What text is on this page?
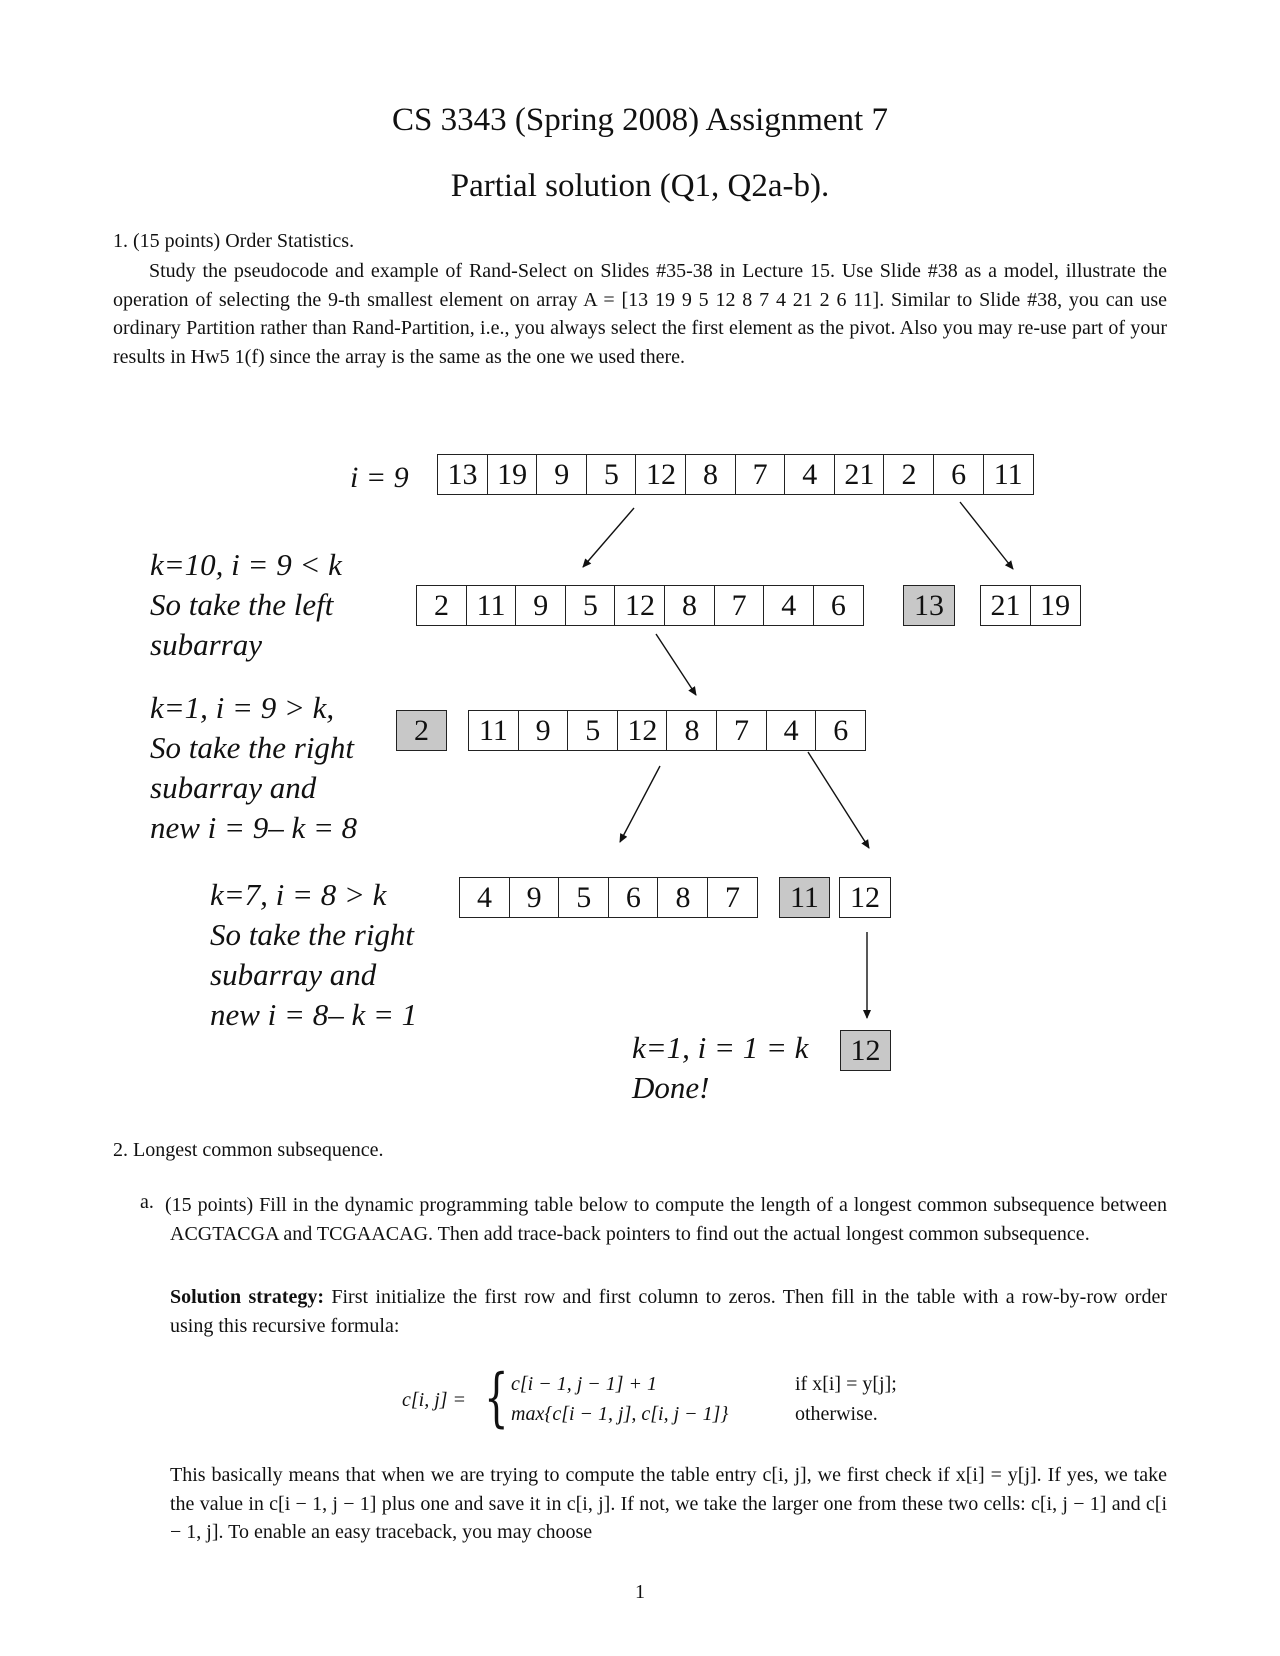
CS 3343 (Spring 2008) Assignment 7
Partial solution (Q1, Q2a-b).
1. (15 points) Order Statistics.
Study the pseudocode and example of Rand-Select on Slides #35-38 in Lecture 15. Use Slide #38 as a model, illustrate the operation of selecting the 9-th smallest element on array A = [13 19 9 5 12 8 7 4 21 2 6 11]. Similar to Slide #38, you can use ordinary Partition rather than Rand-Partition, i.e., you always select the first element as the pivot. Also you may re-use part of your results in Hw5 1(f) since the array is the same as the one we used there.
i = 9	13 19 9	5 12 8	7	4 21 2	6 11
k=10, i = 9 < k
So take the left
subarray
2 11 9	5 12 8	7	4	6	13	21 19
k=1, i = 9 > k,
So take the right
subarray and
new i = 9– k = 8
2	11 9	5 12 8	7	4	6
k=7, i = 8 > k
So take the right
subarray and
new i = 8– k = 1
4	9	5	6	8	7	11	12
k=1, i = 1 = k
Done!
12
2. Longest common subsequence.
a. (15 points) Fill in the dynamic programming table below to compute the length of a longest common subsequence between ACGTACGA and TCGAACAG. Then add trace-back pointers to find out the actual longest common subsequence.
Solution strategy: First initialize the first row and first column to zeros. Then fill in the table with a row-by-row order using this recursive formula:
c[i, j] = { c[i − 1, j − 1] + 1	if x[i] = y[j];
max{c[i − 1, j], c[i, j − 1]}	otherwise.
This basically means that when we are trying to compute the table entry c[i, j], we first check if x[i] = y[j]. If yes, we take the value in c[i − 1, j − 1] plus one and save it in c[i, j]. If not, we take the larger one from these two cells: c[i, j − 1] and c[i − 1, j]. To enable an easy traceback, you may choose
1
